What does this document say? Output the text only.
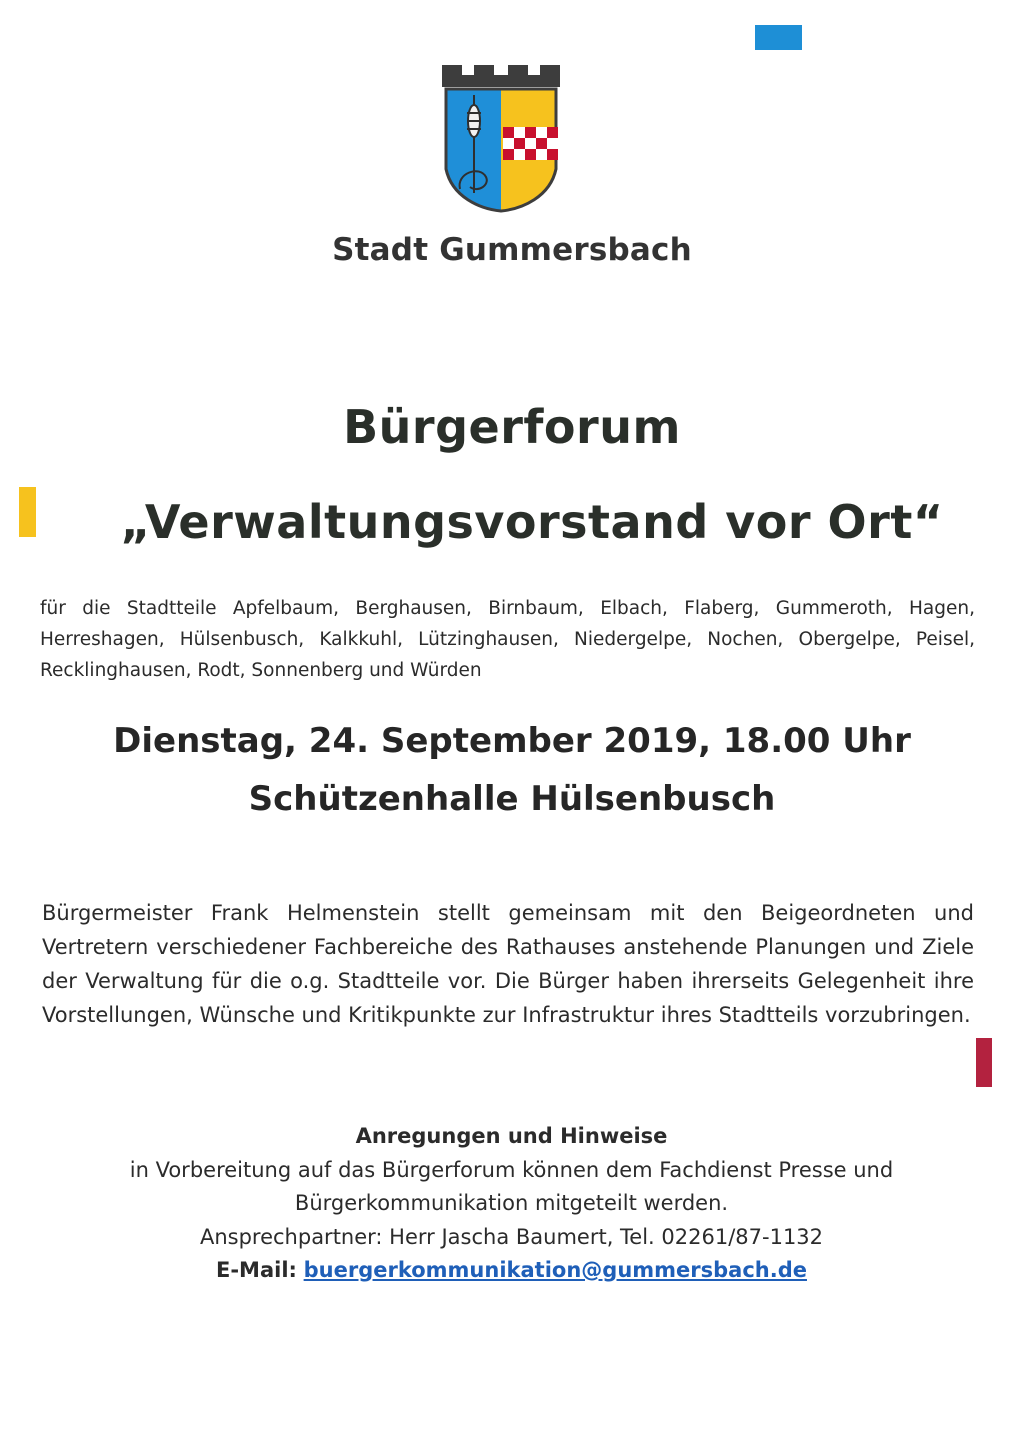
Stadt Gummersbach
Bürgerforum
„Verwaltungsvorstand vor Ort“
für die Stadtteile Apfelbaum, Berghausen, Birnbaum, Elbach, Flaberg, Gummeroth, Hagen, Herreshagen, Hülsenbusch, Kalkkuhl, Lützinghausen, Niedergelpe, Nochen, Obergelpe, Peisel, Recklinghausen, Rodt, Sonnenberg und Würden
Dienstag, 24. September 2019, 18.00 Uhr
Schützenhalle Hülsenbusch
Bürgermeister Frank Helmenstein stellt gemeinsam mit den Beigeordneten und Vertretern verschiedener Fachbereiche des Rathauses anstehende Planungen und Ziele der Verwaltung für die o.g. Stadtteile vor. Die Bürger haben ihrerseits Gelegenheit ihre Vorstellungen, Wünsche und Kritikpunkte zur Infrastruktur ihres Stadtteils vorzubringen.
Anregungen und Hinweise
in Vorbereitung auf das Bürgerforum können dem Fachdienst Presse und
Bürgerkommunikation mitgeteilt werden.
Ansprechpartner: Herr Jascha Baumert, Tel. 02261/87-1132
E-Mail: buergerkommunikation@gummersbach.de
